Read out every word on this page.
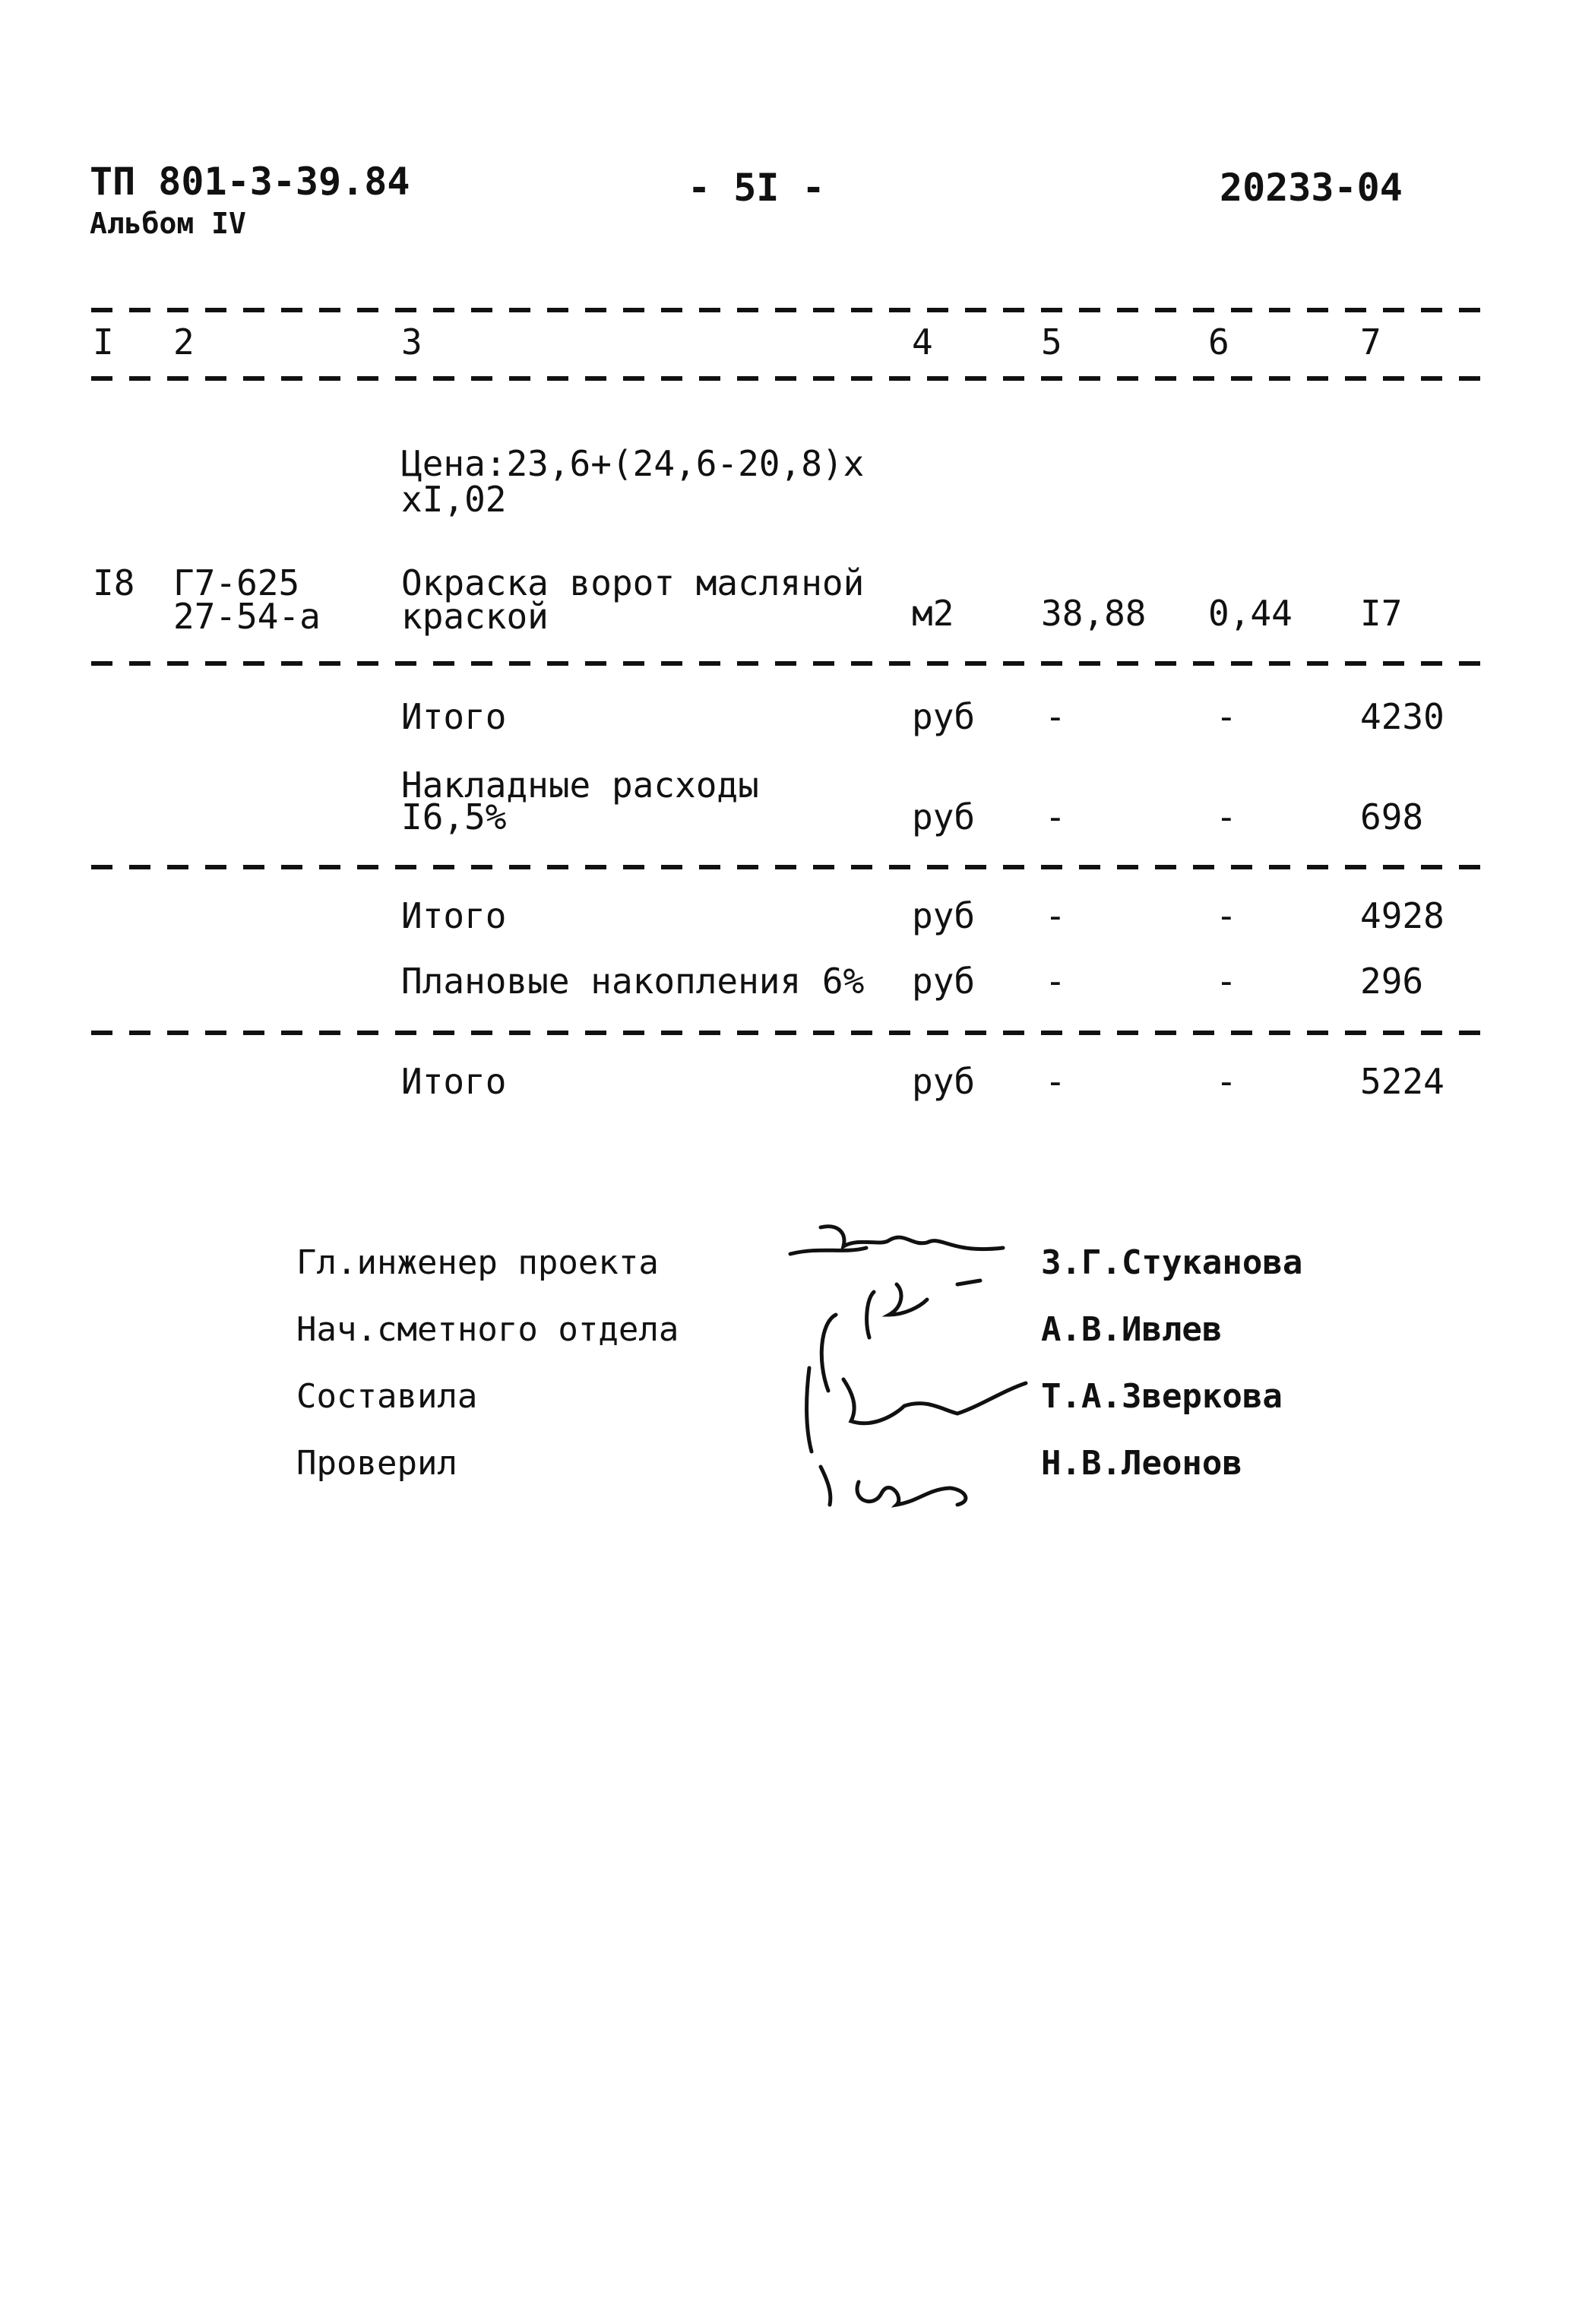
ТП 801-3-39.84
Альбом IV
- 5I -	20233-04
I 2	3	4	5	6	7
Цена:23,6+(24,6-20,8)х
хI,02
I8 Г7-625
27-54-а
Окраска ворот масляной
краской	м2 38,88 0,44 I7
Итого	руб -	-	4230
Накладные расходы
I6,5%	руб -	-	698
Итого	руб -	-	4928
Плановые накопления 6% руб -	-	296
Итого	руб -	-	5224
Гл.инженер проекта	З.Г.Стуканова
Нач.сметного отдела	А.В.Ивлев
Составила	Т.А.Зверкова
Проверил	Н.В.Леонов
